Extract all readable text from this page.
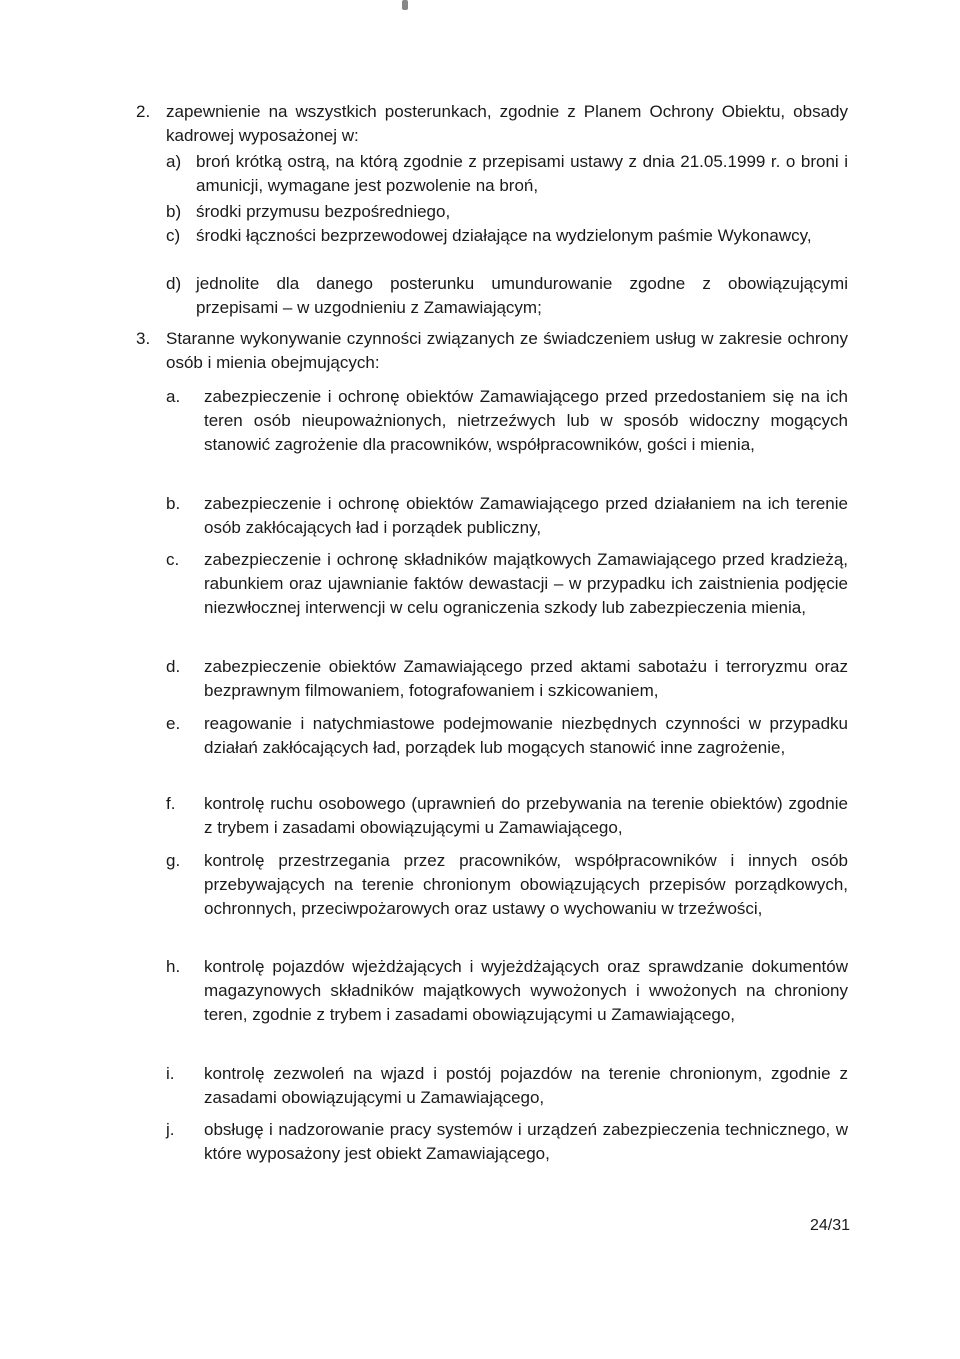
2. zapewnienie na wszystkich posterunkach, zgodnie z Planem Ochrony Obiektu, obsady kadrowej wyposażonej w:

a) broń krótką ostrą, na którą zgodnie z przepisami ustawy z dnia 21.05.1999 r. o broni i amunicji, wymagane jest pozwolenie na broń,
b) środki przymusu bezpośredniego,
c) środki łączności bezprzewodowej działające na wydzielonym paśmie Wykonawcy,
d) jednolite dla danego posterunku umundurowanie zgodne z obowiązującymi przepisami – w uzgodnieniu z Zamawiającym;
3. Staranne wykonywanie czynności związanych ze świadczeniem usług w zakresie ochrony osób i mienia obejmujących:

a. zabezpieczenie i ochronę obiektów Zamawiającego przed przedostaniem się na ich teren osób nieupoważnionych, nietrzeźwych lub w sposób widoczny mogących stanowić zagrożenie dla pracowników, współpracowników, gości i mienia,
b. zabezpieczenie i ochronę obiektów Zamawiającego przed działaniem na ich terenie osób zakłócających ład i porządek publiczny,
c. zabezpieczenie i ochronę składników majątkowych Zamawiającego przed kradzieżą, rabunkiem oraz ujawnianie faktów dewastacji – w przypadku ich zaistnienia podjęcie niezwłocznej interwencji w celu ograniczenia szkody lub zabezpieczenia mienia,
d. zabezpieczenie obiektów Zamawiającego przed aktami sabotażu i terroryzmu oraz bezprawnym filmowaniem, fotografowaniem i szkicowaniem,
e. reagowanie i natychmiastowe podejmowanie niezbędnych czynności w przypadku działań zakłócających ład, porządek lub mogących stanowić inne zagrożenie,
f. kontrolę ruchu osobowego (uprawnień do przebywania na terenie obiektów) zgodnie z trybem i zasadami obowiązującymi u Zamawiającego,
g. kontrolę przestrzegania przez pracowników, współpracowników i innych osób przebywających na terenie chronionym obowiązujących przepisów porządkowych, ochronnych, przeciwpożarowych oraz ustawy o wychowaniu w trzeźwości,
h. kontrolę pojazdów wjeżdżających i wyjeżdżających oraz sprawdzanie dokumentów magazynowych składników majątkowych wywożonych i wwożonych na chroniony teren, zgodnie z trybem i zasadami obowiązującymi u Zamawiającego,
i. kontrolę zezwoleń na wjazd i postój pojazdów na terenie chronionym, zgodnie z zasadami obowiązującymi u Zamawiającego,
j. obsługę i nadzorowanie pracy systemów i urządzeń zabezpieczenia technicznego, w które wyposażony jest obiekt Zamawiającego,
24/31
